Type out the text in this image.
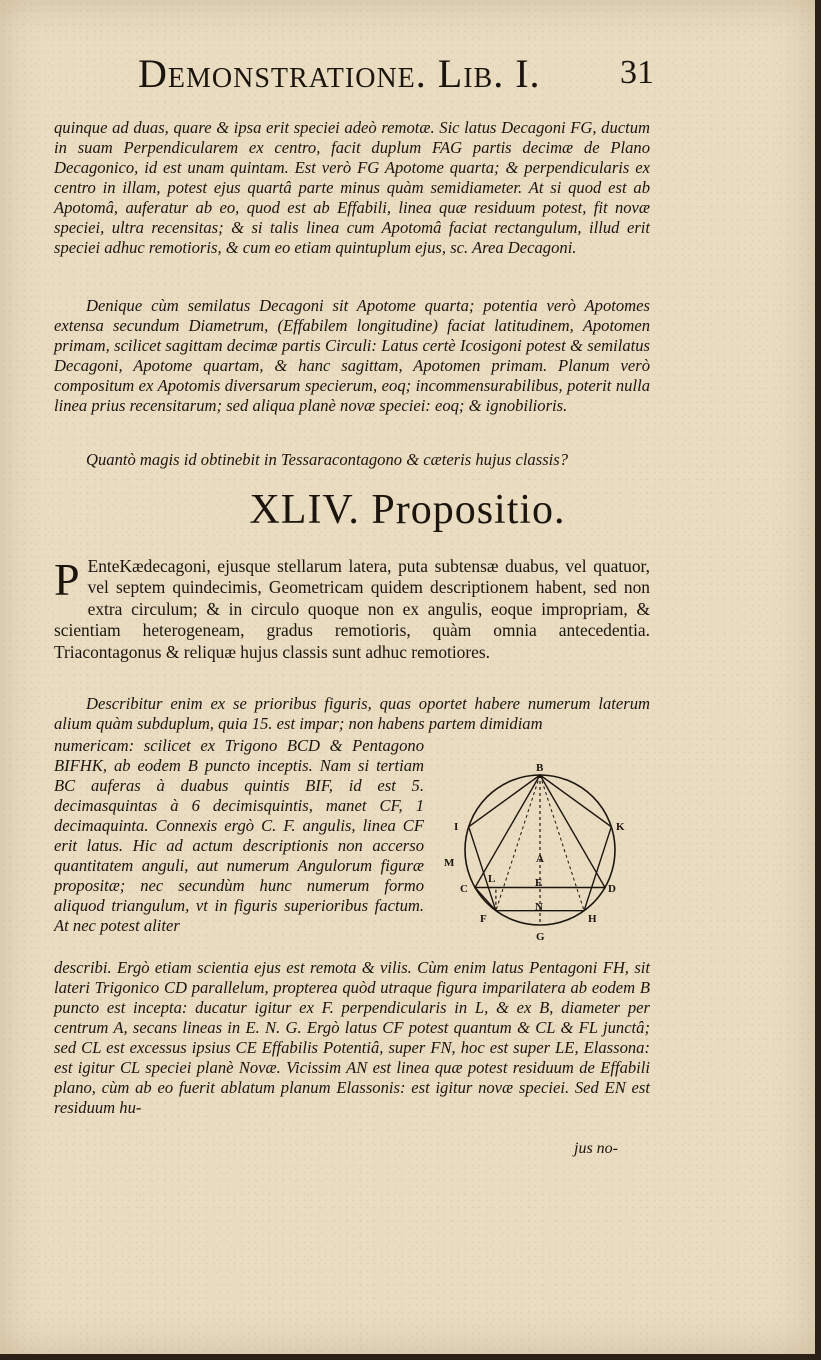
Demonstratione. Lib. I. 31

quinque ad duas, quare & ipsa erit speciei adeò remotæ. Sic latus Decagoni FG, ductum in suam Perpendicularem ex centro, facit duplum FAG partis decimæ de Plano Decagonico, id est unam quintam. Est verò FG Apotome quarta; & perpendicularis ex centro in illam, potest ejus quartâ parte minus quàm semidiameter. At si quod est ab Apotomâ, auferatur ab eo, quod est ab Effabili, linea quæ residuum potest, fit novæ speciei, ultra recensitas; & si talis linea cum Apotomâ faciat rectangulum, illud erit speciei adhuc remotioris, & cum eo etiam quintuplum ejus, sc. Area Decagoni.

Denique cùm semilatus Decagoni sit Apotome quarta; potentia verò Apotomes extensa secundum Diametrum, (Effabilem longitudine) faciat latitudinem, Apotomen primam, scilicet sagittam decimæ partis Circuli: Latus certè Icosigoni potest & semilatus Decagoni, Apotome quartam, & hanc sagittam, Apotomen primam. Planum verò compositum ex Apotomis diversarum specierum, eoq; incommensurabilibus, poterit nulla linea prius recensitarum; sed aliqua planè novæ speciei: eoq; & ignobilioris.

Quantò magis id obtinebit in Tessaracontagono & cæteris hujus classis?

XLIV. Propositio.

P EnteKædecagoni, ejusque stellarum latera, puta subtensæ duabus, vel quatuor, vel septem quindecimis, Geometricam quidem descriptionem habent, sed non extra circulum; & in circulo quoque non ex angulis, eoque impropriam, & scientiam heterogeneam, gradus remotioris, quàm omnia antecedentia. Triacontagonus & reliquæ hujus classis sunt adhuc remotiores.

Describitur enim ex se prioribus figuris, quas oportet habere numerum laterum alium quàm subduplum, quia 15. est impar; non habens partem dimidiam

numericam: scilicet ex Trigono BCD & Pentagono BIFHK, ab eodem B puncto inceptis. Nam si tertiam BC auferas à duabus quintis BIF, id est 5. decimasquintas à 6 decimisquintis, manet CF, 1 decimaquinta. Connexis ergò C. F. angulis, linea CF erit latus. Hic ad actum descriptionis non accerso quantitatem anguli, aut numerum Angulorum figuræ propositæ; nec secundùm hunc numerum formo aliquod triangulum, vt in figuris superioribus factum. At nec potest aliter

B
K
I
M	A
L	E
C	D
N
F	H
G

describi. Ergò etiam scientia ejus est remota & vilis. Cùm enim latus Pentagoni FH, sit lateri Trigonico CD parallelum, propterea quòd utraque figura imparilatera ab eodem B puncto est incepta: ducatur igitur ex F. perpendicularis in L, & ex B, diameter per centrum A, secans lineas in E. N. G. Ergò latus CF potest quantum & CL & FL junctâ; sed CL est excessus ipsius CE Effabilis Potentiâ, super FN, hoc est super LE, Elassona: est igitur CL speciei planè Novæ. Vicissim AN est linea quæ potest residuum de Effabili plano, cùm ab eo fuerit ablatum planum Elassonis: est igitur novæ speciei. Sed EN est residuum hu-

jus no-
